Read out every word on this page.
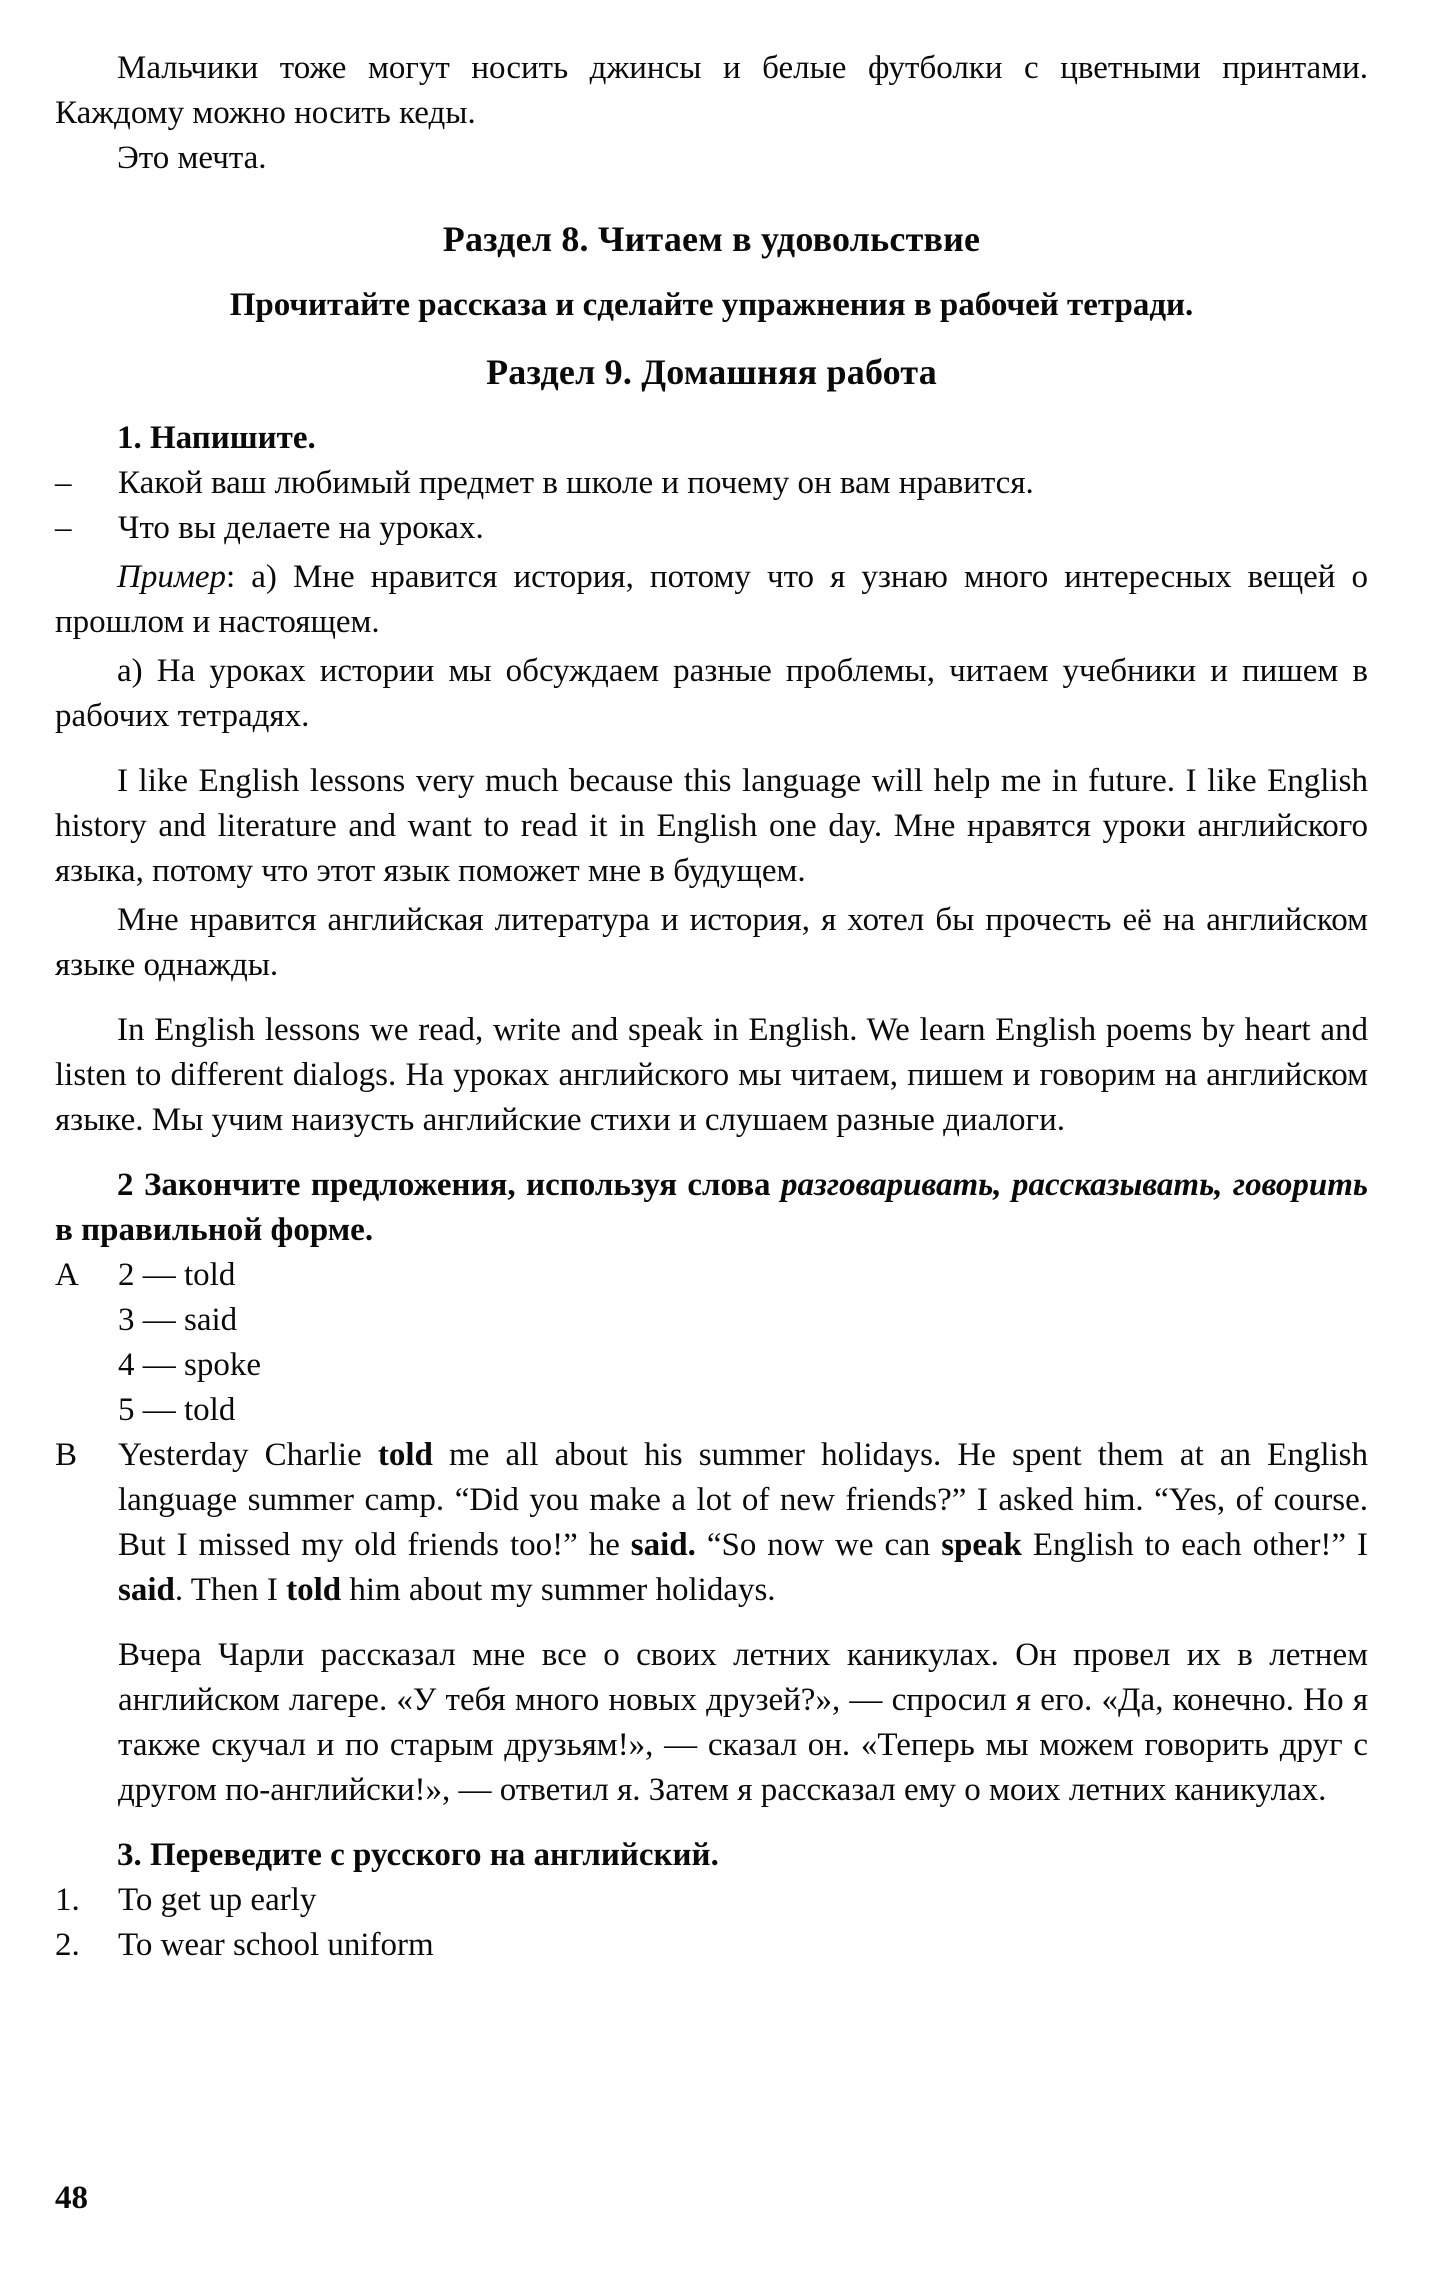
Мальчики тоже могут носить джинсы и белые футболки с цветными принтами. Каждому можно носить кеды.

Это мечта.

Раздел 8. Читаем в удовольствие

Прочитайте рассказа и сделайте упражнения в рабочей тетради.

Раздел 9. Домашняя работа

1. Напишите.

– Какой ваш любимый предмет в школе и почему он вам нравится.
– Что вы делаете на уроках.

Пример: а) Мне нравится история, потому что я узнаю много интересных вещей о прошлом и настоящем.

а) На уроках истории мы обсуждаем разные проблемы, читаем учебники и пишем в рабочих тетрадях.

I like English lessons very much because this language will help me in future. I like English history and literature and want to read it in English one day. Мне нравятся уроки английского языка, потому что этот язык поможет мне в будущем.

Мне нравится английская литература и история, я хотел бы прочесть её на английском языке однажды.

In English lessons we read, write and speak in English. We learn English poems by heart and listen to different dialogs. На уроках английского мы читаем, пишем и говорим на английском языке. Мы учим наизусть английские стихи и слушаем разные диалоги.

2 Закончите предложения, используя слова разговаривать, рассказывать, говорить в правильной форме.

A 2 — told
3 — said
4 — spoke
5 — told
B Yesterday Charlie told me all about his summer holidays. He spent them at an English language summer camp. “Did you make a lot of new friends?” I asked him. “Yes, of course. But I missed my old friends too!” he said. “So now we can speak English to each other!” I said. Then I told him about my summer holidays.

Вчера Чарли рассказал мне все о своих летних каникулах. Он провел их в летнем английском лагере. «У тебя много новых друзей?», — спросил я его. «Да, конечно. Но я также скучал и по старым друзьям!», — сказал он. «Теперь мы можем говорить друг с другом по-английски!», — ответил я. Затем я рассказал ему о моих летних каникулах.

3. Переведите с русского на английский.

1. To get up early
2. To wear school uniform
48
